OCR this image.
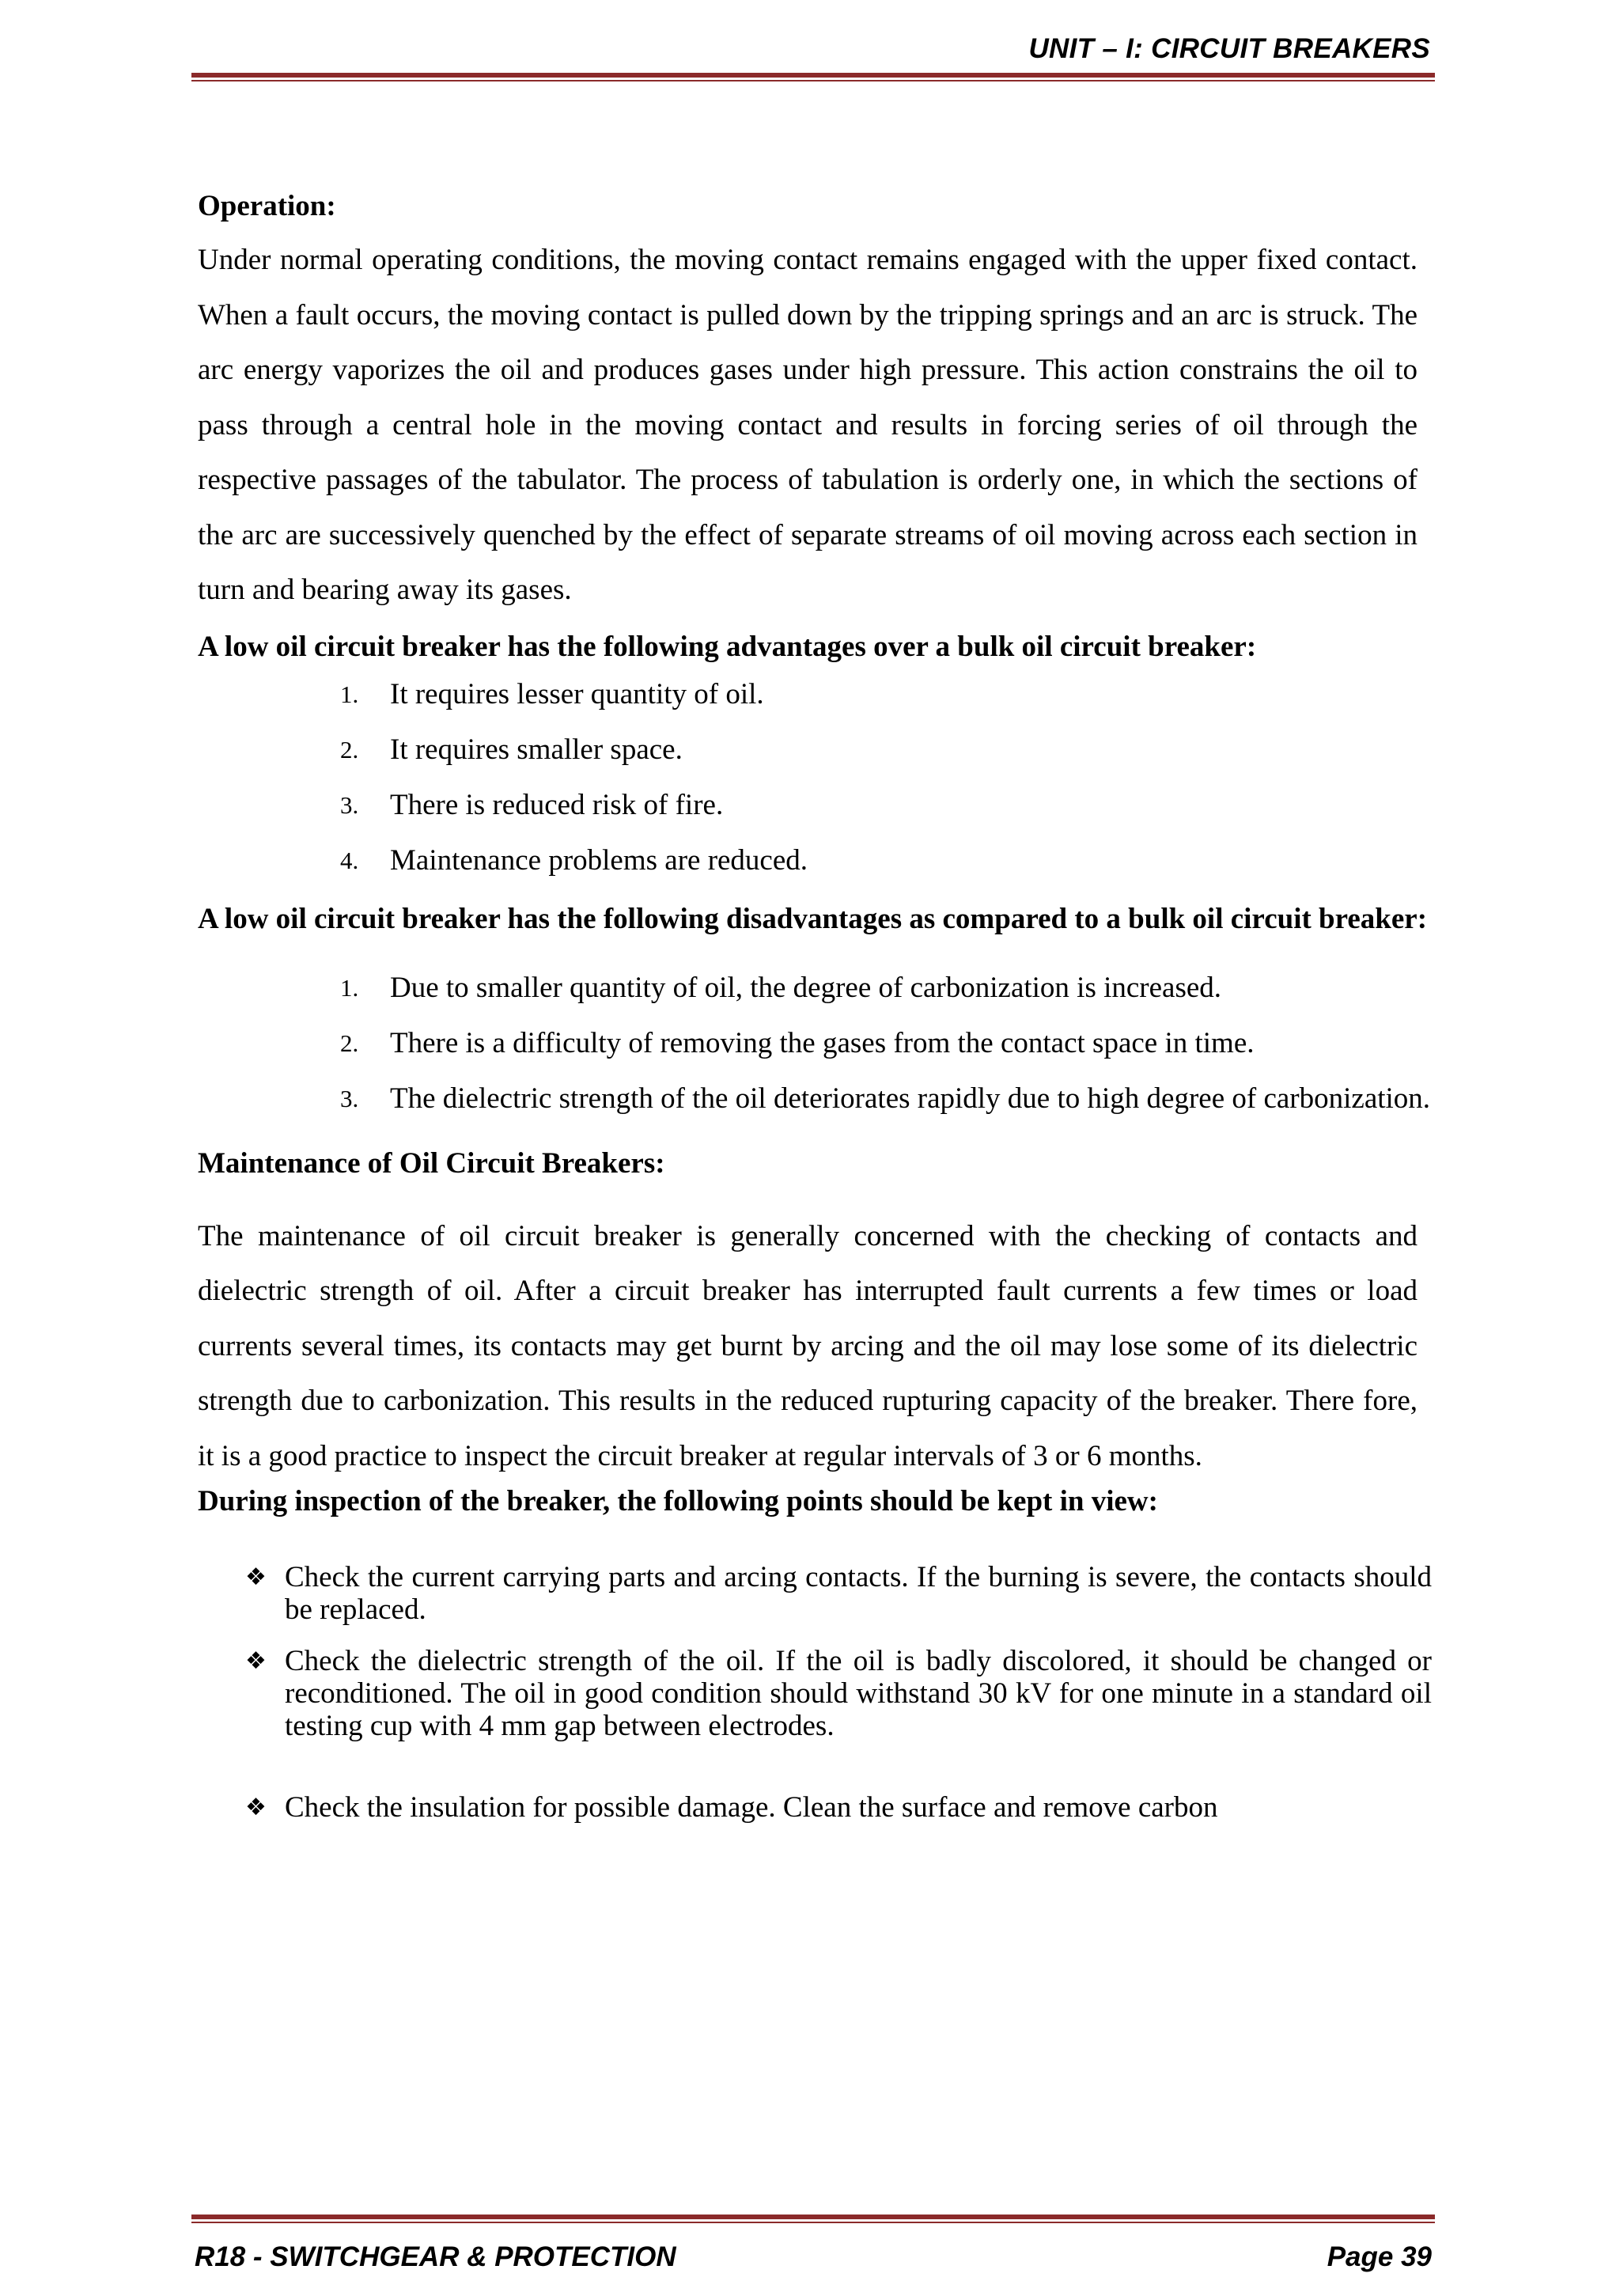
UNIT – I: CIRCUIT BREAKERS

Operation:

Under normal operating conditions, the moving contact remains engaged with the upper fixed contact. When a fault occurs, the moving contact is pulled down by the tripping springs and an arc is struck. The arc energy vaporizes the oil and produces gases under high pressure. This action constrains the oil to pass through a central hole in the moving contact and results in forcing series of oil through the respective passages of the tabulator. The process of tabulation is orderly one, in which the sections of the arc are successively quenched by the effect of separate streams of oil moving across each section in turn and bearing away its gases.

A low oil circuit breaker has the following advantages over a bulk oil circuit breaker:

1. It requires lesser quantity of oil.
2. It requires smaller space.
3. There is reduced risk of fire.
4. Maintenance problems are reduced.

A low oil circuit breaker has the following disadvantages as compared to a bulk oil circuit breaker:

1. Due to smaller quantity of oil, the degree of carbonization is increased.
2. There is a difficulty of removing the gases from the contact space in time.
3. The dielectric strength of the oil deteriorates rapidly due to high degree of carbonization.

Maintenance of Oil Circuit Breakers:

The maintenance of oil circuit breaker is generally concerned with the checking of contacts and dielectric strength of oil. After a circuit breaker has interrupted fault currents a few times or load currents several times, its contacts may get burnt by arcing and the oil may lose some of its dielectric strength due to carbonization. This results in the reduced rupturing capacity of the breaker. There fore, it is a good practice to inspect the circuit breaker at regular intervals of 3 or 6 months.

During inspection of the breaker, the following points should be kept in view:

❖ Check the current carrying parts and arcing contacts. If the burning is severe, the contacts should be replaced.
❖ Check the dielectric strength of the oil. If the oil is badly discolored, it should be changed or reconditioned. The oil in good condition should withstand 30 kV for one minute in a standard oil testing cup with 4 mm gap between electrodes.
❖ Check the insulation for possible damage. Clean the surface and remove carbon
R18 - SWITCHGEAR & PROTECTION	Page 39
